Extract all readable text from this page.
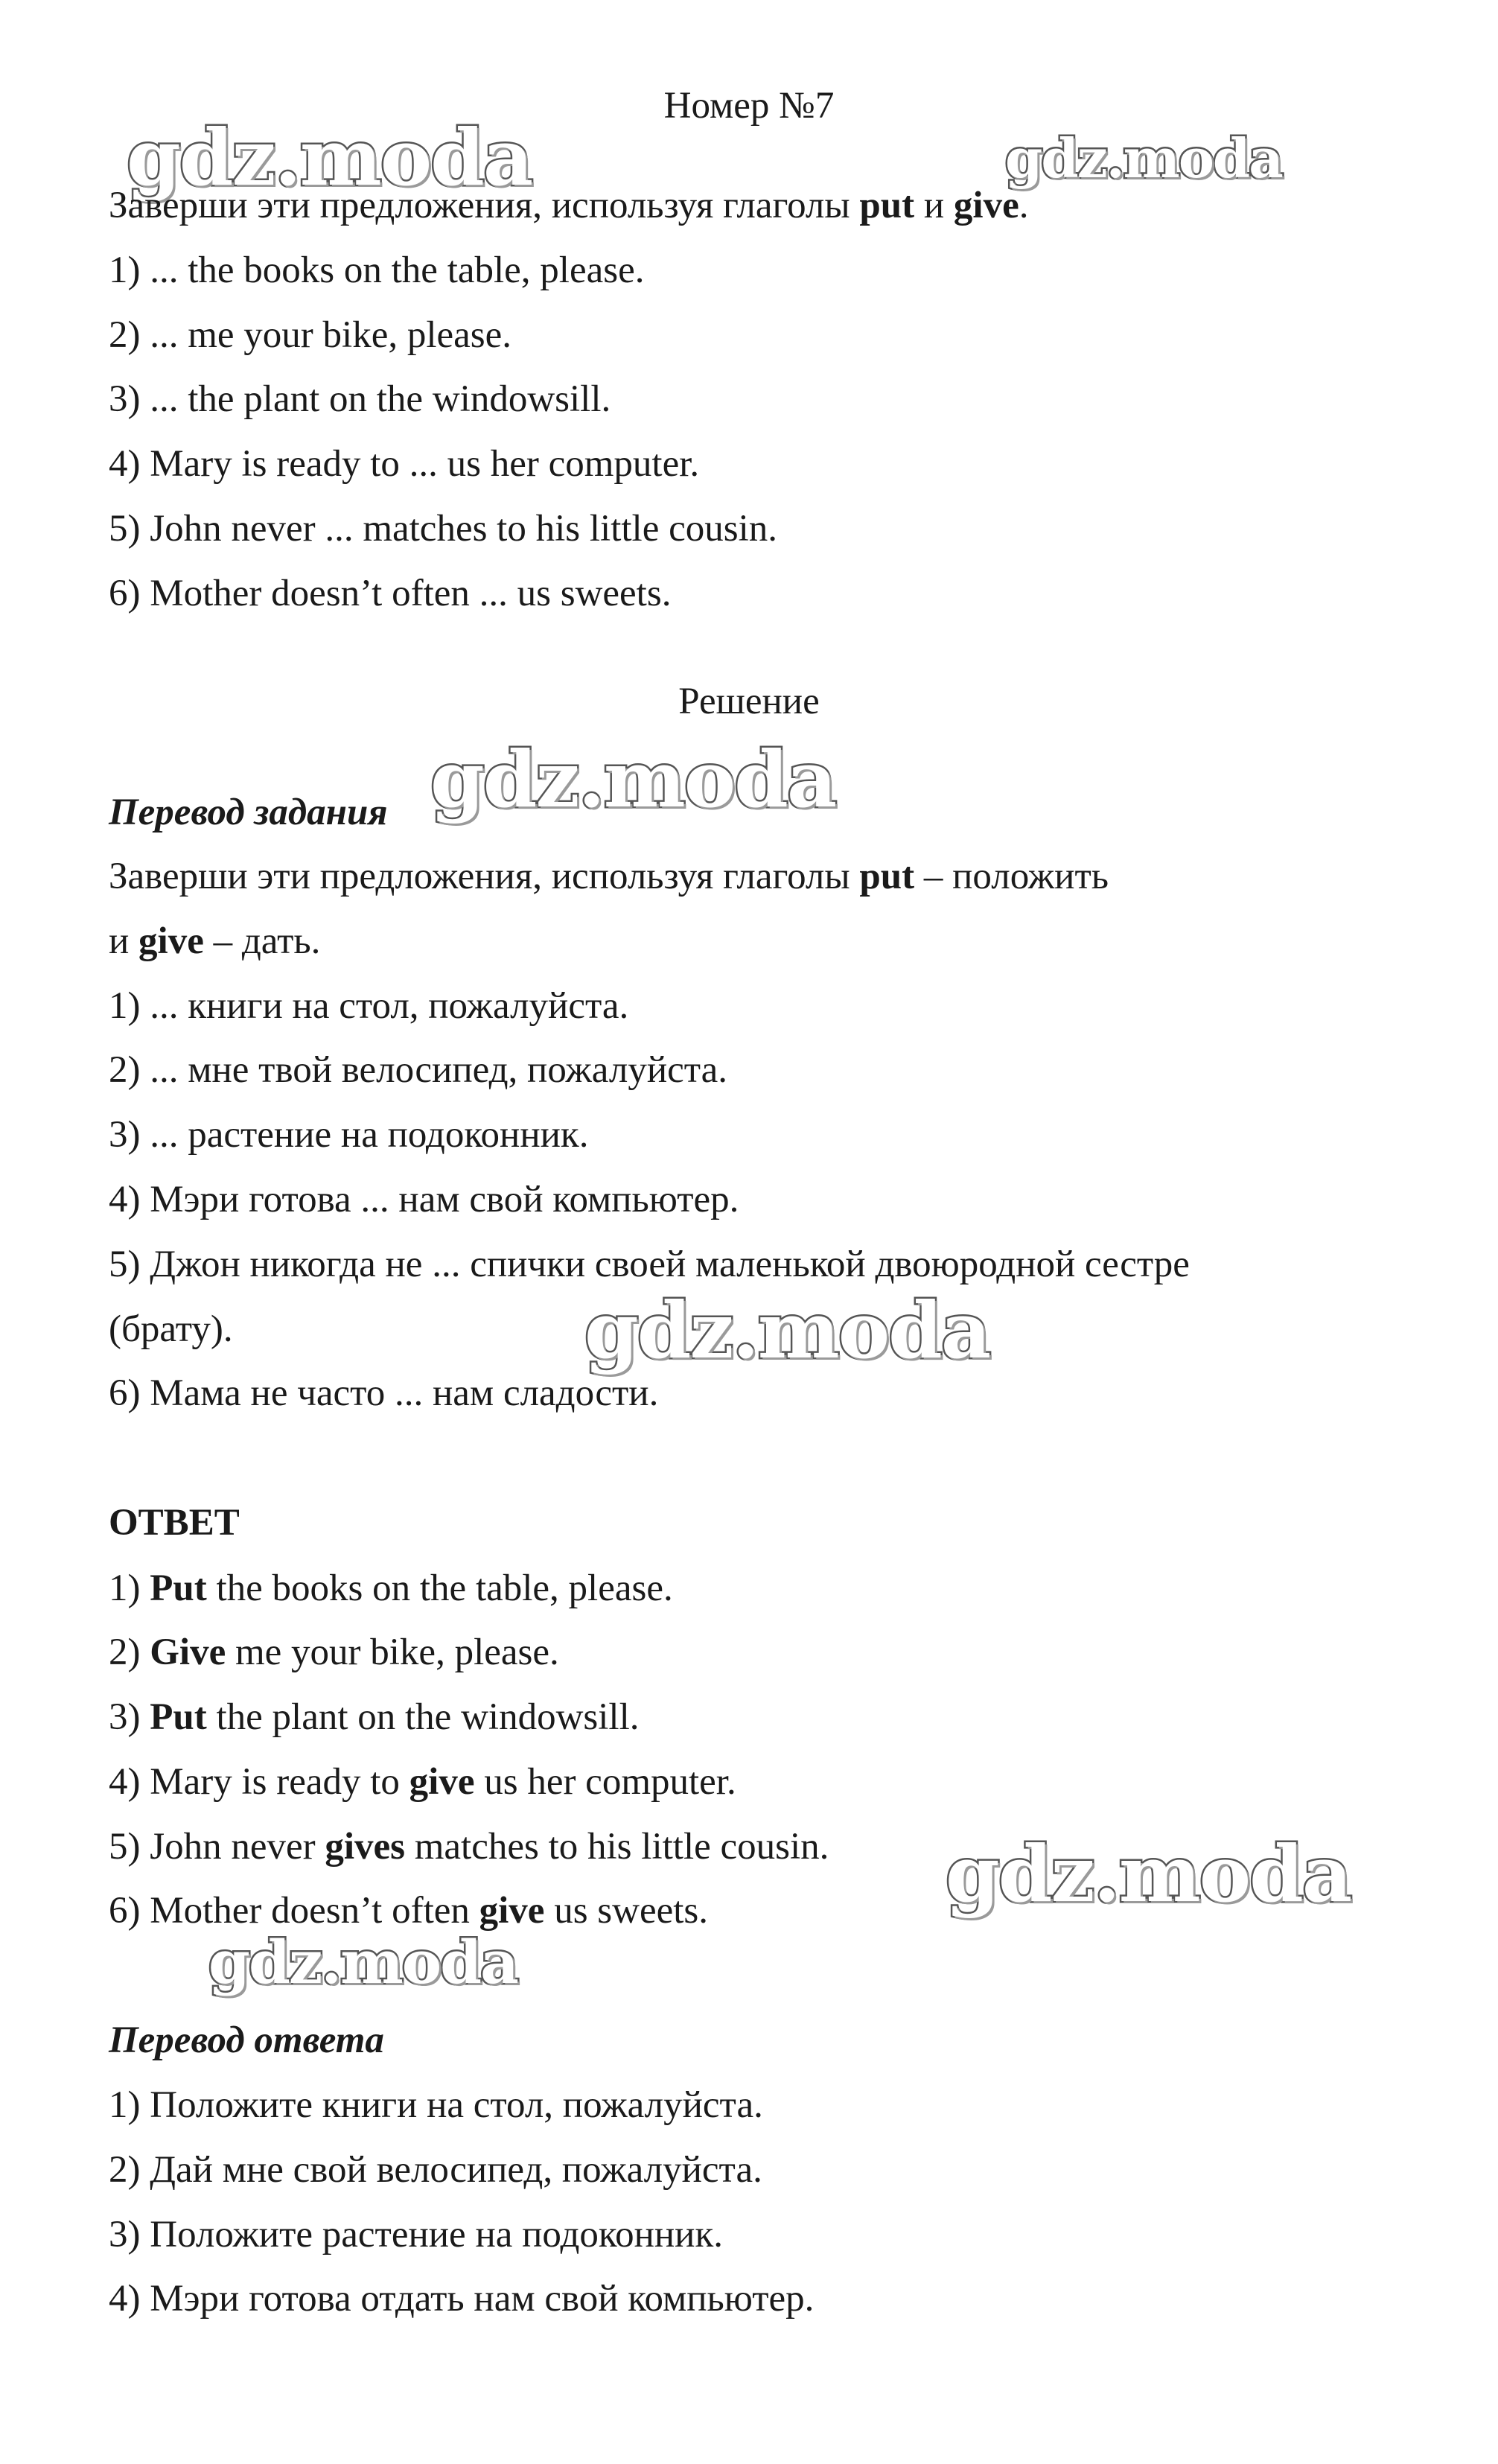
gdz.moda	gdz.moda
gdz.moda
gdz.moda
gdz.moda
gdz.moda

Номер №7

Заверши эти предложения, используя глаголы put и give.

1) ... the books on the table, please.

2) ... me your bike, please.

3) ... the plant on the windowsill.

4) Mary is ready to ... us her computer.

5) John never ... matches to his little cousin.

6) Mother doesn’t often ... us sweets.

Решение

Перевод задания

Заверши эти предложения, используя глаголы put – положить

и give – дать.

1) ... книги на стол, пожалуйста.

2) ... мне твой велосипед, пожалуйста.

3) ... растение на подоконник.

4) Мэри готова ... нам свой компьютер.

5) Джон никогда не ... спички своей маленькой двоюродной сестре

(брату).

6) Мама не часто ... нам сладости.

ОТВЕТ

1) Put the books on the table, please.

2) Give me your bike, please.

3) Put the plant on the windowsill.

4) Mary is ready to give us her computer.

5) John never gives matches to his little cousin.

6) Mother doesn’t often give us sweets.

Перевод ответа

1) Положите книги на стол, пожалуйста.

2) Дай мне свой велосипед, пожалуйста.

3) Положите растение на подоконник.

4) Мэри готова отдать нам свой компьютер.
